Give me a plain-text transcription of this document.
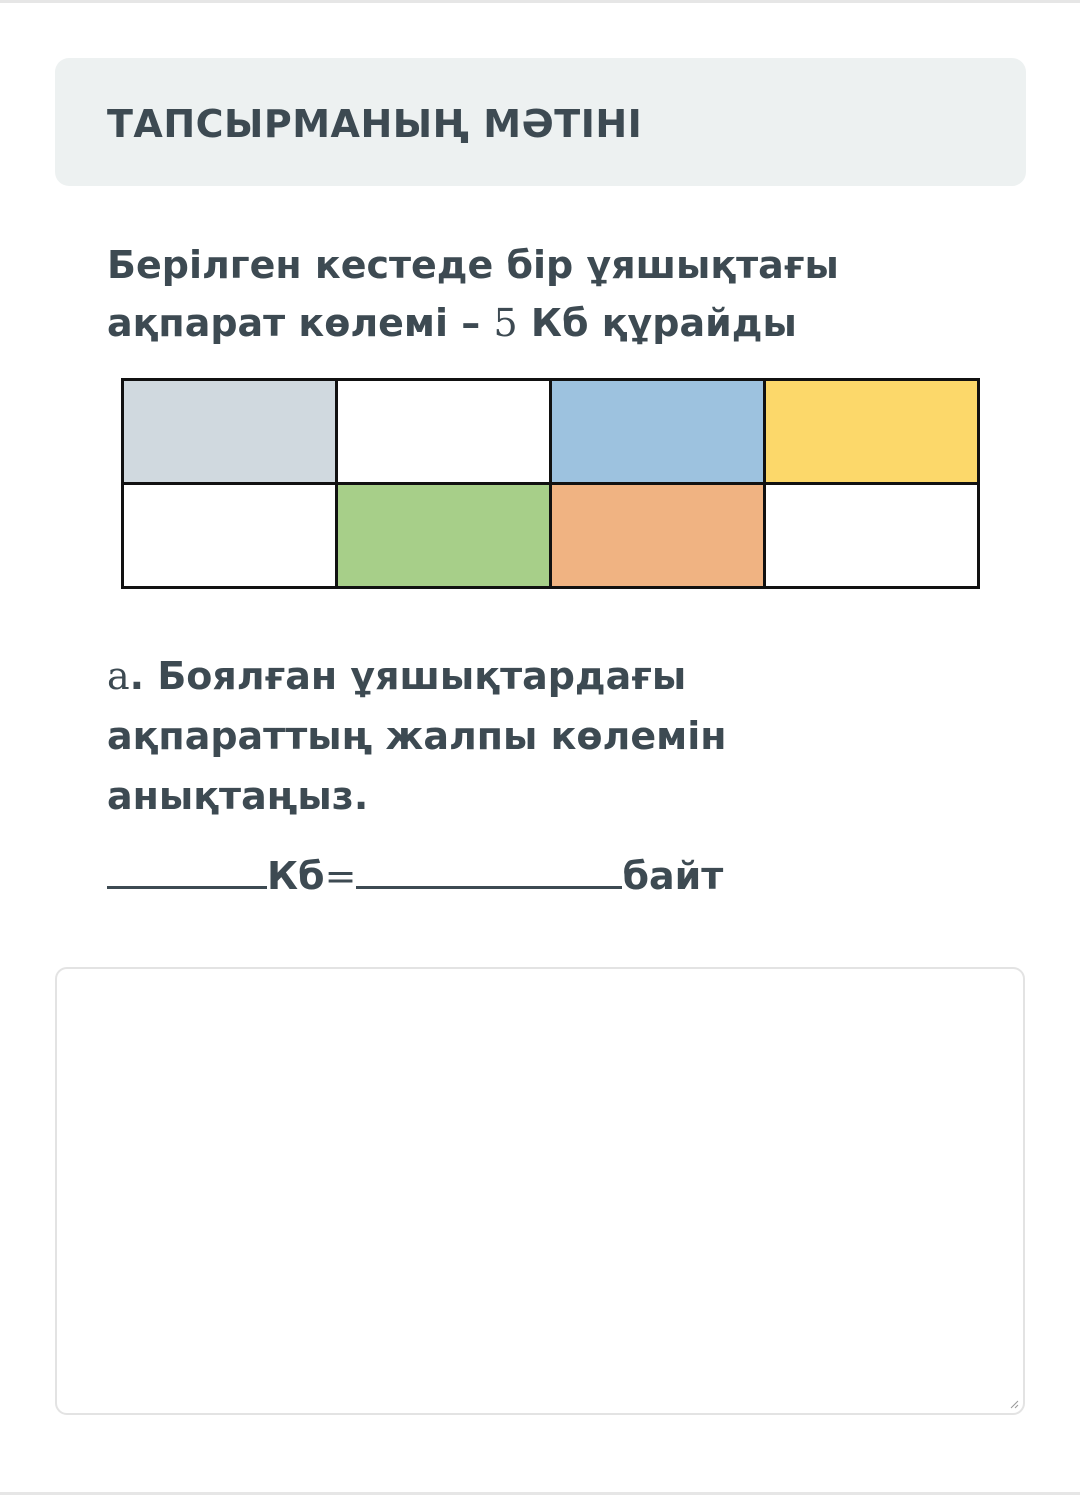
ТАПСЫРМАНЫҢ МӘТІНІ
Берілген кестеде бір ұяшықтағы
ақпарат көлемі – 5 Кб құрайды

а. Боялған ұяшықтардағы
ақпараттың жалпы көлемін
анықтаңыз.
Кб=	байт
